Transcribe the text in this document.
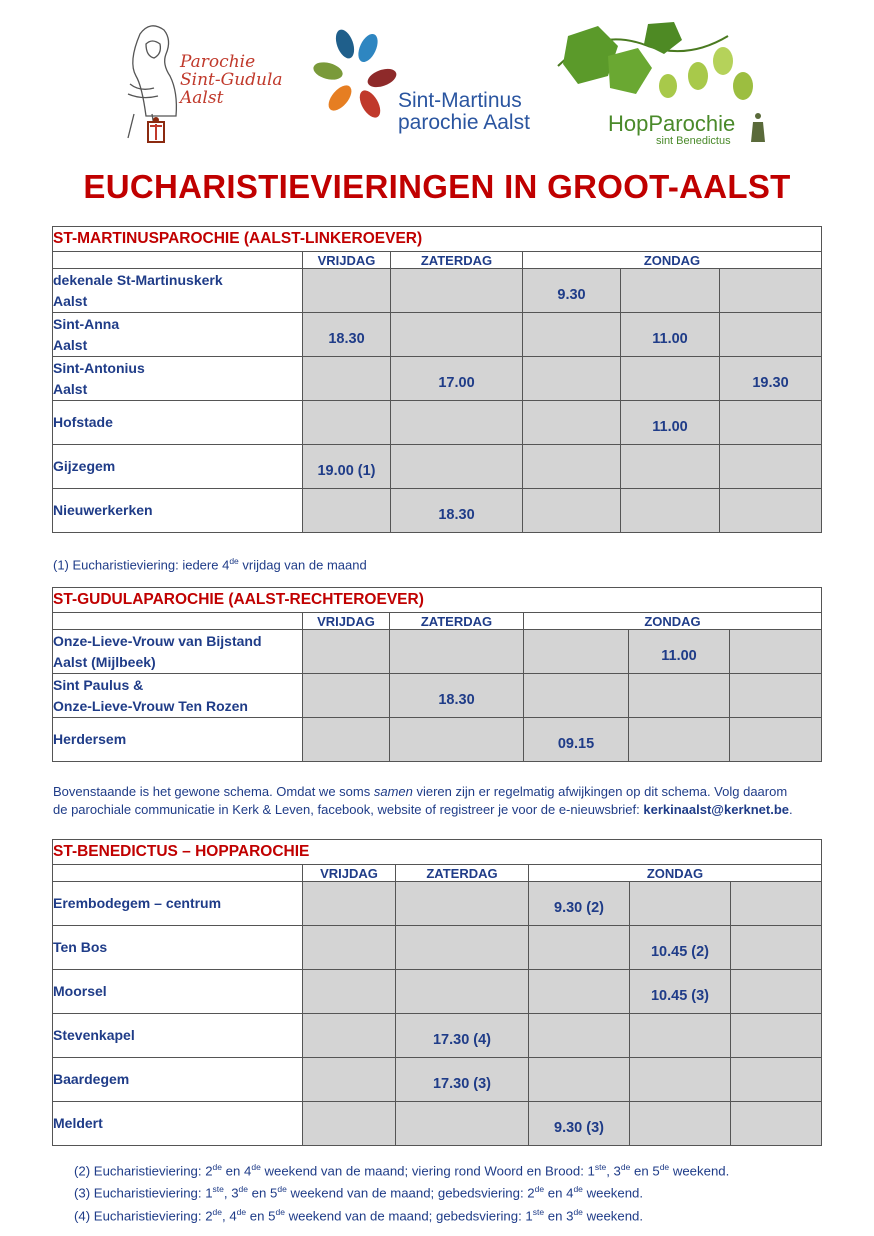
Parochie
Sint-Gudula
Aalst	Sint-Martinus
parochie Aalst	HopParochie
sint Benedictus
EUCHARISTIEVIERINGEN IN GROOT-AALST
ST-MARTINUSPAROCHIE (AALST-LINKEROEVER)					
	VRIJDAG	ZATERDAG	ZONDAG		
dekenale St-Martinuskerk
Aalst			9.30		
Sint-Anna
Aalst	18.30			11.00	
Sint-Antonius
Aalst		17.00			19.30
Hofstade				11.00	
Gijzegem	19.00 (1)				
Nieuwerkerken		18.30			
(1) Eucharistieviering: iedere 4de vrijdag van de maand
ST-GUDULAPAROCHIE (AALST-RECHTEROEVER)					
	VRIJDAG	ZATERDAG	ZONDAG		
Onze-Lieve-Vrouw van Bijstand
Aalst (Mijlbeek)				11.00	
Sint Paulus &
Onze-Lieve-Vrouw Ten Rozen		18.30			
Herdersem			09.15		
Bovenstaande is het gewone schema. Omdat we soms samen vieren zijn er regelmatig afwijkingen op dit schema. Volg daarom
de parochiale communicatie in Kerk & Leven, facebook, website of registreer je voor de e-nieuwsbrief: kerkinaalst@kerknet.be.
ST-BENEDICTUS – HOPPAROCHIE					
	VRIJDAG	ZATERDAG	ZONDAG		
Erembodegem – centrum			9.30 (2)		
Ten Bos				10.45 (2)	
Moorsel				10.45 (3)	
Stevenkapel		17.30 (4)			
Baardegem		17.30 (3)			
Meldert			9.30 (3)		
(2) Eucharistieviering: 2de en 4de weekend van de maand; viering rond Woord en Brood: 1ste, 3de en 5de weekend.
(3) Eucharistieviering: 1ste, 3de en 5de weekend van de maand; gebedsviering: 2de en 4de weekend.
(4) Eucharistieviering: 2de, 4de en 5de weekend van de maand; gebedsviering: 1ste en 3de weekend.
